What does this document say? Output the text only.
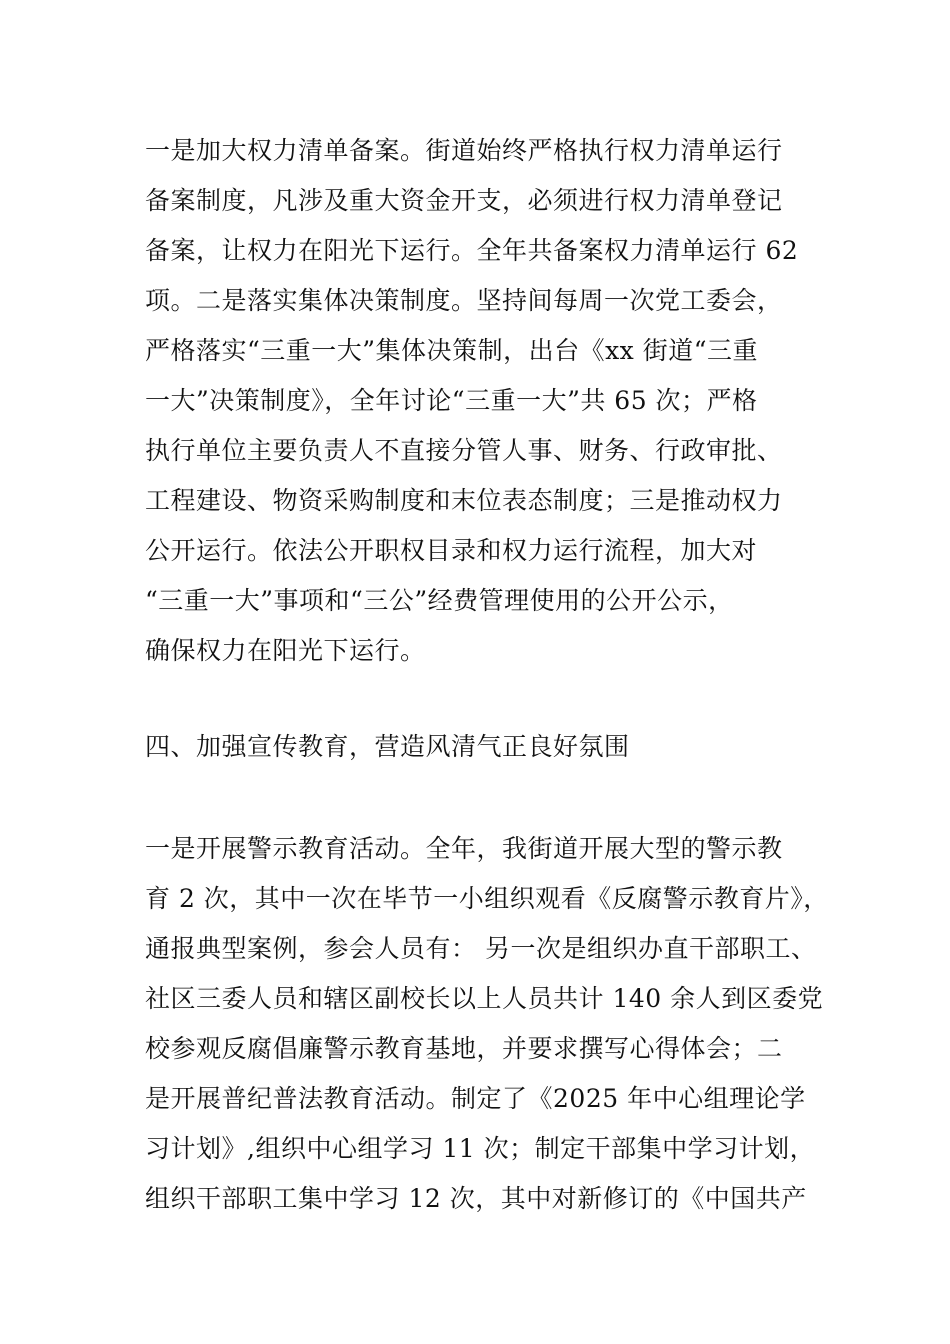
一是加大权力清单备案。街道始终严格执行权力清单运行
备案制度，凡涉及重大资金开支，必须进行权力清单登记
备案，让权力在阳光下运行。全年共备案权力清单运行 62
项。二是落实集体决策制度。坚持间每周一次党工委会，
严格落实“三重一大”集体决策制，出台《xx 街道“三重
一大”决策制度》，全年讨论“三重一大”共 65 次；严格
执行单位主要负责人不直接分管人事、财务、行政审批、
工程建设、物资采购制度和末位表态制度；三是推动权力
公开运行。依法公开职权目录和权力运行流程，加大对
“三重一大”事项和“三公”经费管理使用的公开公示，
确保权力在阳光下运行。
四、加强宣传教育，营造风清气正良好氛围
一是开展警示教育活动。全年，我街道开展大型的警示教
育 2 次，其中一次在毕节一小组织观看《反腐警示教育片》，
通报典型案例，参会人员有： 另一次是组织办直干部职工、
社区三委人员和辖区副校长以上人员共计 140 余人到区委党
校参观反腐倡廉警示教育基地，并要求撰写心得体会；二
是开展普纪普法教育活动。制定了《2025 年中心组理论学
习计划》,组织中心组学习 11 次；制定干部集中学习计划，
组织干部职工集中学习 12 次，其中对新修订的《中国共产
